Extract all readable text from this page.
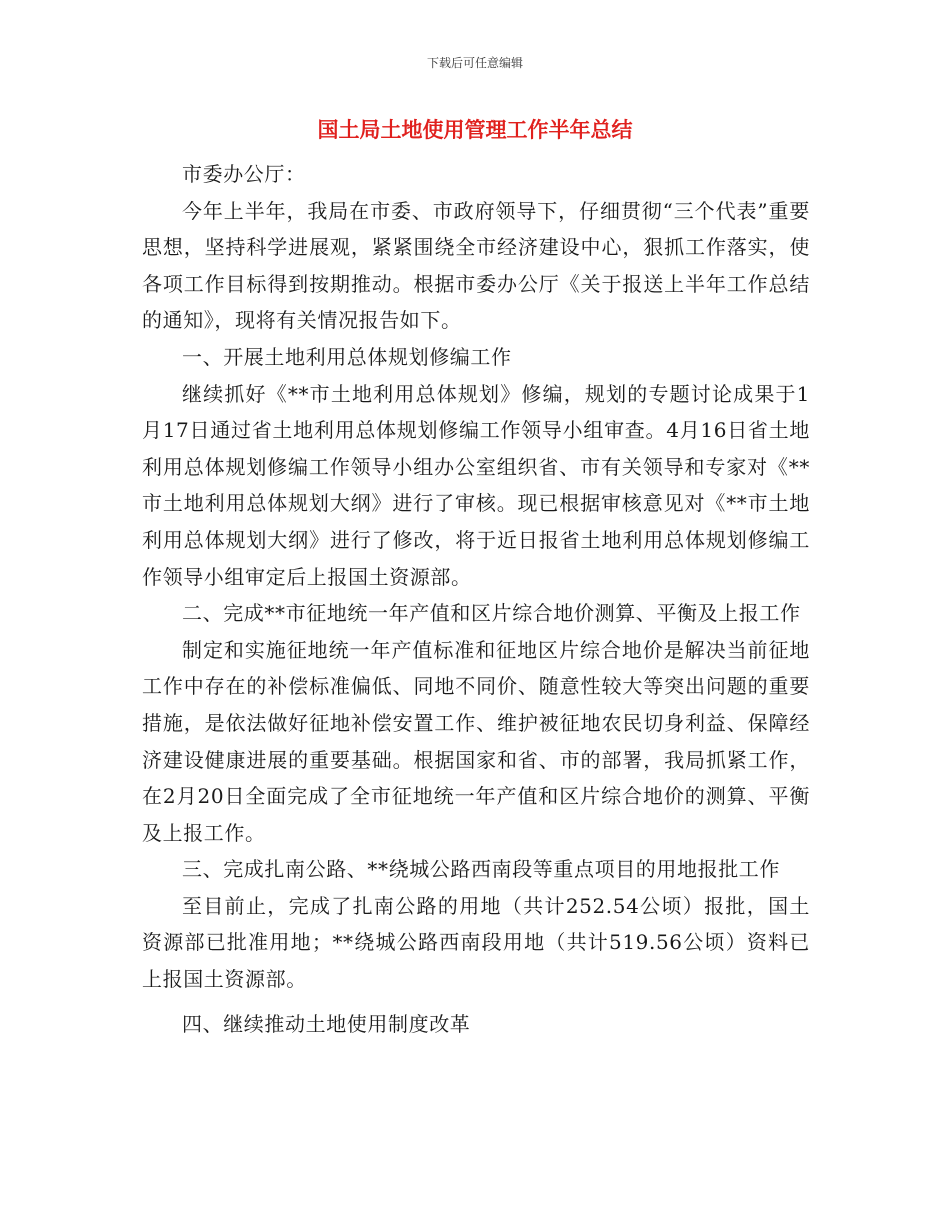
下载后可任意编辑
国土局土地使用管理工作半年总结

市委办公厅：

今年上半年，我局在市委、市政府领导下，仔细贯彻“三个代表”重要思想，坚持科学进展观，紧紧围绕全市经济建设中心，狠抓工作落实，使各项工作目标得到按期推动。根据市委办公厅《关于报送上半年工作总结的通知》，现将有关情况报告如下。

一、开展土地利用总体规划修编工作

继续抓好《**市土地利用总体规划》修编，规划的专题讨论成果于1月17日通过省土地利用总体规划修编工作领导小组审查。4月16日省土地利用总体规划修编工作领导小组办公室组织省、市有关领导和专家对《**市土地利用总体规划大纲》进行了审核。现已根据审核意见对《**市土地利用总体规划大纲》进行了修改，将于近日报省土地利用总体规划修编工作领导小组审定后上报国土资源部。

二、完成**市征地统一年产值和区片综合地价测算、平衡及上报工作

制定和实施征地统一年产值标准和征地区片综合地价是解决当前征地工作中存在的补偿标准偏低、同地不同价、随意性较大等突出问题的重要措施，是依法做好征地补偿安置工作、维护被征地农民切身利益、保障经济建设健康进展的重要基础。根据国家和省、市的部署，我局抓紧工作，在2月20日全面完成了全市征地统一年产值和区片综合地价的测算、平衡及上报工作。

三、完成扎南公路、**绕城公路西南段等重点项目的用地报批工作

至目前止，完成了扎南公路的用地（共计252.54公顷）报批，国土资源部已批准用地；**绕城公路西南段用地（共计519.56公顷）资料已上报国土资源部。

四、继续推动土地使用制度改革
